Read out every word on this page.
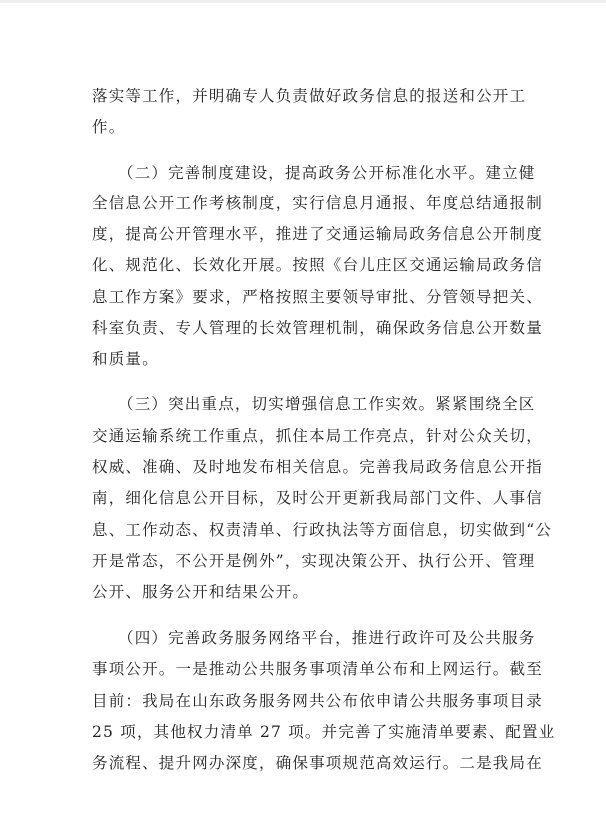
落实等工作，并明确专人负责做好政务信息的报送和公开工
作。
（二）完善制度建设，提高政务公开标准化水平。建立健
全信息公开工作考核制度，实行信息月通报、年度总结通报制
度，提高公开管理水平，推进了交通运输局政务信息公开制度
化、规范化、长效化开展。按照《台儿庄区交通运输局政务信
息工作方案》要求，严格按照主要领导审批、分管领导把关、
科室负责、专人管理的长效管理机制，确保政务信息公开数量
和质量。
（三）突出重点，切实增强信息工作实效。紧紧围绕全区
交通运输系统工作重点，抓住本局工作亮点，针对公众关切，
权威、准确、及时地发布相关信息。完善我局政务信息公开指
南，细化信息公开目标，及时公开更新我局部门文件、人事信
息、工作动态、权责清单、行政执法等方面信息，切实做到“公
开是常态，不公开是例外”，实现决策公开、执行公开、管理
公开、服务公开和结果公开。
（四）完善政务服务网络平台，推进行政许可及公共服务
事项公开。一是推动公共服务事项清单公布和上网运行。截至
目前：我局在山东政务服务网共公布依申请公共服务事项目录
25 项，其他权力清单 27 项。并完善了实施清单要素、配置业
务流程、提升网办深度，确保事项规范高效运行。二是我局在
